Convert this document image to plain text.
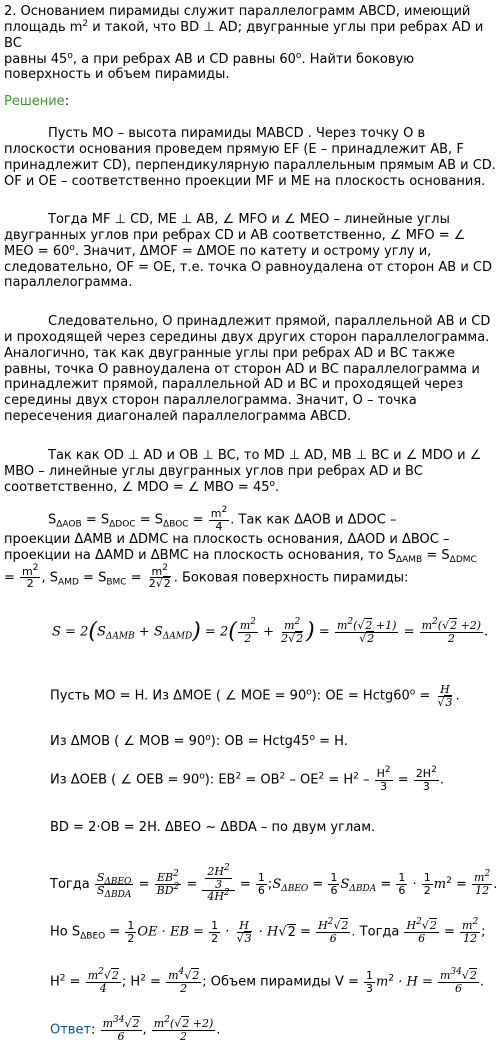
2. Основанием пирамиды служит параллелограмм ABCD, имеющий
площадь $m^2$ и такой, что BD ⊥ AD; двугранные углы при ребрах AD и BC
равны 45$^o$, а при ребрах AB и CD равны 60$^o$. Найти боковую
поверхность и объем пирамиды.
Решение:

Пусть MO – высота пирамиды MABCD . Через точку O в плоскости основания проведем прямую EF (E – принадлежит AB, F принадлежит CD), перпендикулярную параллельным прямым AB и CD. OF и OE – соответственно проекции MF и ME на плоскость основания.

Тогда MF ⊥ CD, ME ⊥ AB, ∠ MFO и ∠ MEO – линейные углы двугранных углов при ребрах CD и AB соответственно, ∠ MFO = ∠ MEO = $60^o$. Значит, ΔMOF = ΔMOE по катету и острому углу и, следовательно, OF = OE, т.е. точка O равноудалена от сторон AB и CD параллелограмма.

Следовательно, O принадлежит прямой, параллельной AB и CD и проходящей через середины двух других сторон параллелограмма. Аналогично, так как двугранные углы при ребрах AD и BC также равны, точка O равноудалена от сторон AD и BC параллелограмма и принадлежит прямой, параллельной AD и BC и проходящей через середины двух сторон параллелограмма. Значит, O – точка пересечения диагоналей параллелограмма ABCD.

Так как OD ⊥ AD и OB ⊥ BC, то MD ⊥ AD, MB ⊥ BC и ∠ MDO и ∠ MBO – линейные углы двугранных углов при ребрах AD и BC соответственно, ∠ MDO = ∠ MBO = $45^o$.

$S_{\Delta AOB} = S_{\Delta DOC} = S_{\Delta BOC} = \frac{m^2}{4}$ . Так как ΔAOB и ΔDOC –
проекции ΔAMB и ΔDMC на плоскость основания, ΔAOD и ΔBOC –
проекции на ΔAMD и ΔBMC на плоскость основания, то $S_{\Delta AMB} = S_{\Delta DMC}$
= $\frac{m^2}{2}$ , $S_{AMD} = S_{BMC} = \frac{m^2}{2√2}$ . Боковая поверхность пирамиды:
$S = 2(S_{\Delta AMB} + S_{\Delta AMD}) = 2( \frac{m^2}{2} + \frac{m^2}{2√2}$ ) = $\frac{m^2(√2 +1)}{√2} = \frac{m^2(√2 +2)}{2}$ .
Пусть MO = H. Из ΔMOE ( ∠ MOE = $90^o$): OE = $Hctg60^o = \frac{H}{√3}$ .
Из ΔMOB ( ∠ MOB = $90^o$): OB = $Hctg45^o = H$.
Из ΔOEB ( ∠ OEB = $90^o$): $EB^2 = OB^2 - OE^2 = H^2 - \frac{H^2}{3} = \frac{2H^2}{3}$ .
BD = 2·OB = 2H. ΔBEO ~ ΔBDA – по двум углам.
Тогда $\frac{S_{\Delta BEO}}{S_{\Delta BDA}} = \frac{EB^2}{BD^2} = \frac{\frac{2H^2}{3}}{4H^2} = \frac{1}{6}$ $;S_{\Delta BEO} = \frac{1}{6} S_{\Delta BDA} = \frac{1}{6} \cdot \frac{1}{2} m^2 = \frac{m^2}{12}$ .
Но $S_{\Delta BEO} = \frac{1}{2}$ OE · EB = $\frac{1}{2} \cdot \frac{H}{√3} \cdot H√2 = \frac{H^2√2}{6}$ . Тогда $\frac{H^2√2}{6} = \frac{m^2}{12}$ ;
$H^2 = \frac{m^2√2}{4}$ ; $H^2 = \frac{m^4√2}{2}$ ; Объем пирамиды $V = \frac{1}{3} m^2 \cdot H = \frac{m^{34}√2}{6}$ .
Ответ: $\frac{m^{34}√2}{6}$ , $\frac{m^2(√2 +2)}{2}$ .
